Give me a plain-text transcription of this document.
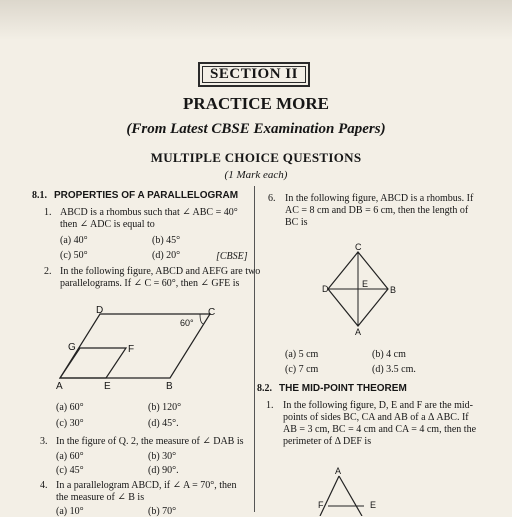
SECTION II
PRACTICE MORE
(From Latest CBSE Examination Papers)
MULTIPLE CHOICE QUESTIONS
(1 Mark each)
8.1. PROPERTIES OF A PARALLELOGRAM
1. ABCD is a rhombus such that ∠ ABC = 40°
then ∠ ADC is equal to
(a) 40°	(b) 45°
(c) 50°	(d) 20°	[CBSE]
2. In the following figure, ABCD and AEFG are two
parallelograms. If ∠ C = 60°, then ∠ GFE is
D	C
60°
G	F
A	E	B
(a) 60°	(b) 120°
(c) 30°	(d) 45°.
3. In the figure of Q. 2, the measure of ∠ DAB is
(a) 60°	(b) 30°
(c) 45°	(d) 90°.
4. In a parallelogram ABCD, if ∠ A = 70°, then
the measure of ∠ B is
(a) 10°	(b) 70°
6. In the following figure, ABCD is a rhombus. If
AC = 8 cm and DB = 6 cm, then the length of
BC is
C
D	E
B
A
(a) 5 cm	(b) 4 cm
(c) 7 cm	(d) 3.5 cm.
8.2. THE MID-POINT THEOREM
1. In the following figure, D, E and F are the mid-
points of sides BC, CA and AB of a Δ ABC. If
AB = 3 cm, BC = 4 cm and CA = 4 cm, then the
perimeter of Δ DEF is
A
F	E
